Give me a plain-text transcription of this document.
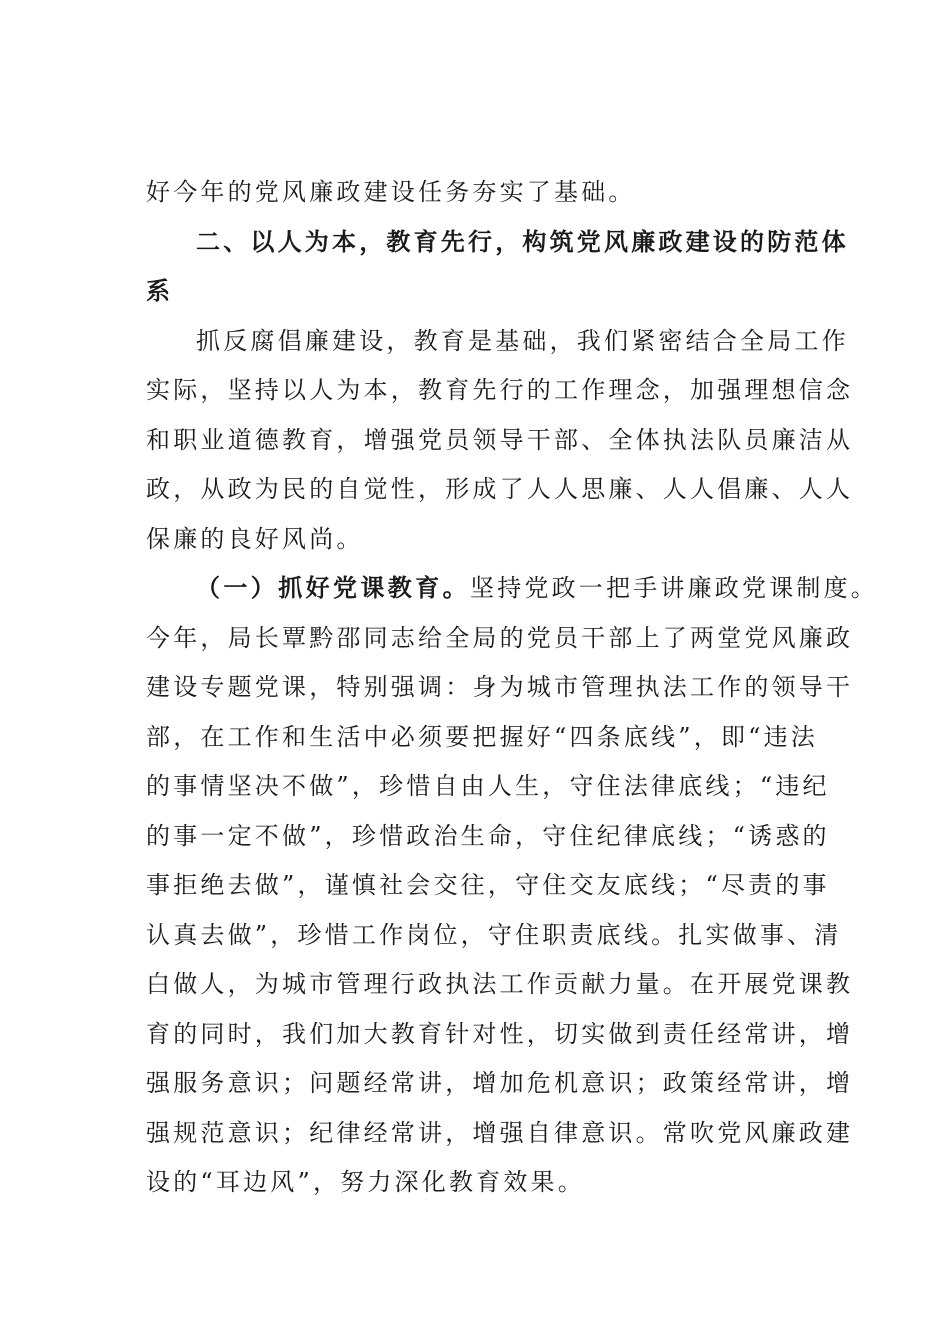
好今年的党风廉政建设任务夯实了基础。
二、以人为本，教育先行，构筑党风廉政建设的防范体
系
抓反腐倡廉建设，教育是基础，我们紧密结合全局工作
实际，坚持以人为本，教育先行的工作理念，加强理想信念
和职业道德教育，增强党员领导干部、全体执法队员廉洁从
政，从政为民的自觉性，形成了人人思廉、人人倡廉、人人
保廉的良好风尚。
（一）抓好党课教育。坚持党政一把手讲廉政党课制度。
今年，局长覃黔邵同志给全局的党员干部上了两堂党风廉政
建设专题党课，特别强调：身为城市管理执法工作的领导干
部，在工作和生活中必须要把握好“四条底线”，即“违法
的事情坚决不做”，珍惜自由人生，守住法律底线；“违纪
的事一定不做”，珍惜政治生命，守住纪律底线；“诱惑的
事拒绝去做”，谨慎社会交往，守住交友底线；“尽责的事
认真去做”，珍惜工作岗位，守住职责底线。扎实做事、清
白做人，为城市管理行政执法工作贡献力量。在开展党课教
育的同时，我们加大教育针对性，切实做到责任经常讲，增
强服务意识；问题经常讲，增加危机意识；政策经常讲，增
强规范意识；纪律经常讲，增强自律意识。常吹党风廉政建
设的“耳边风”，努力深化教育效果。
